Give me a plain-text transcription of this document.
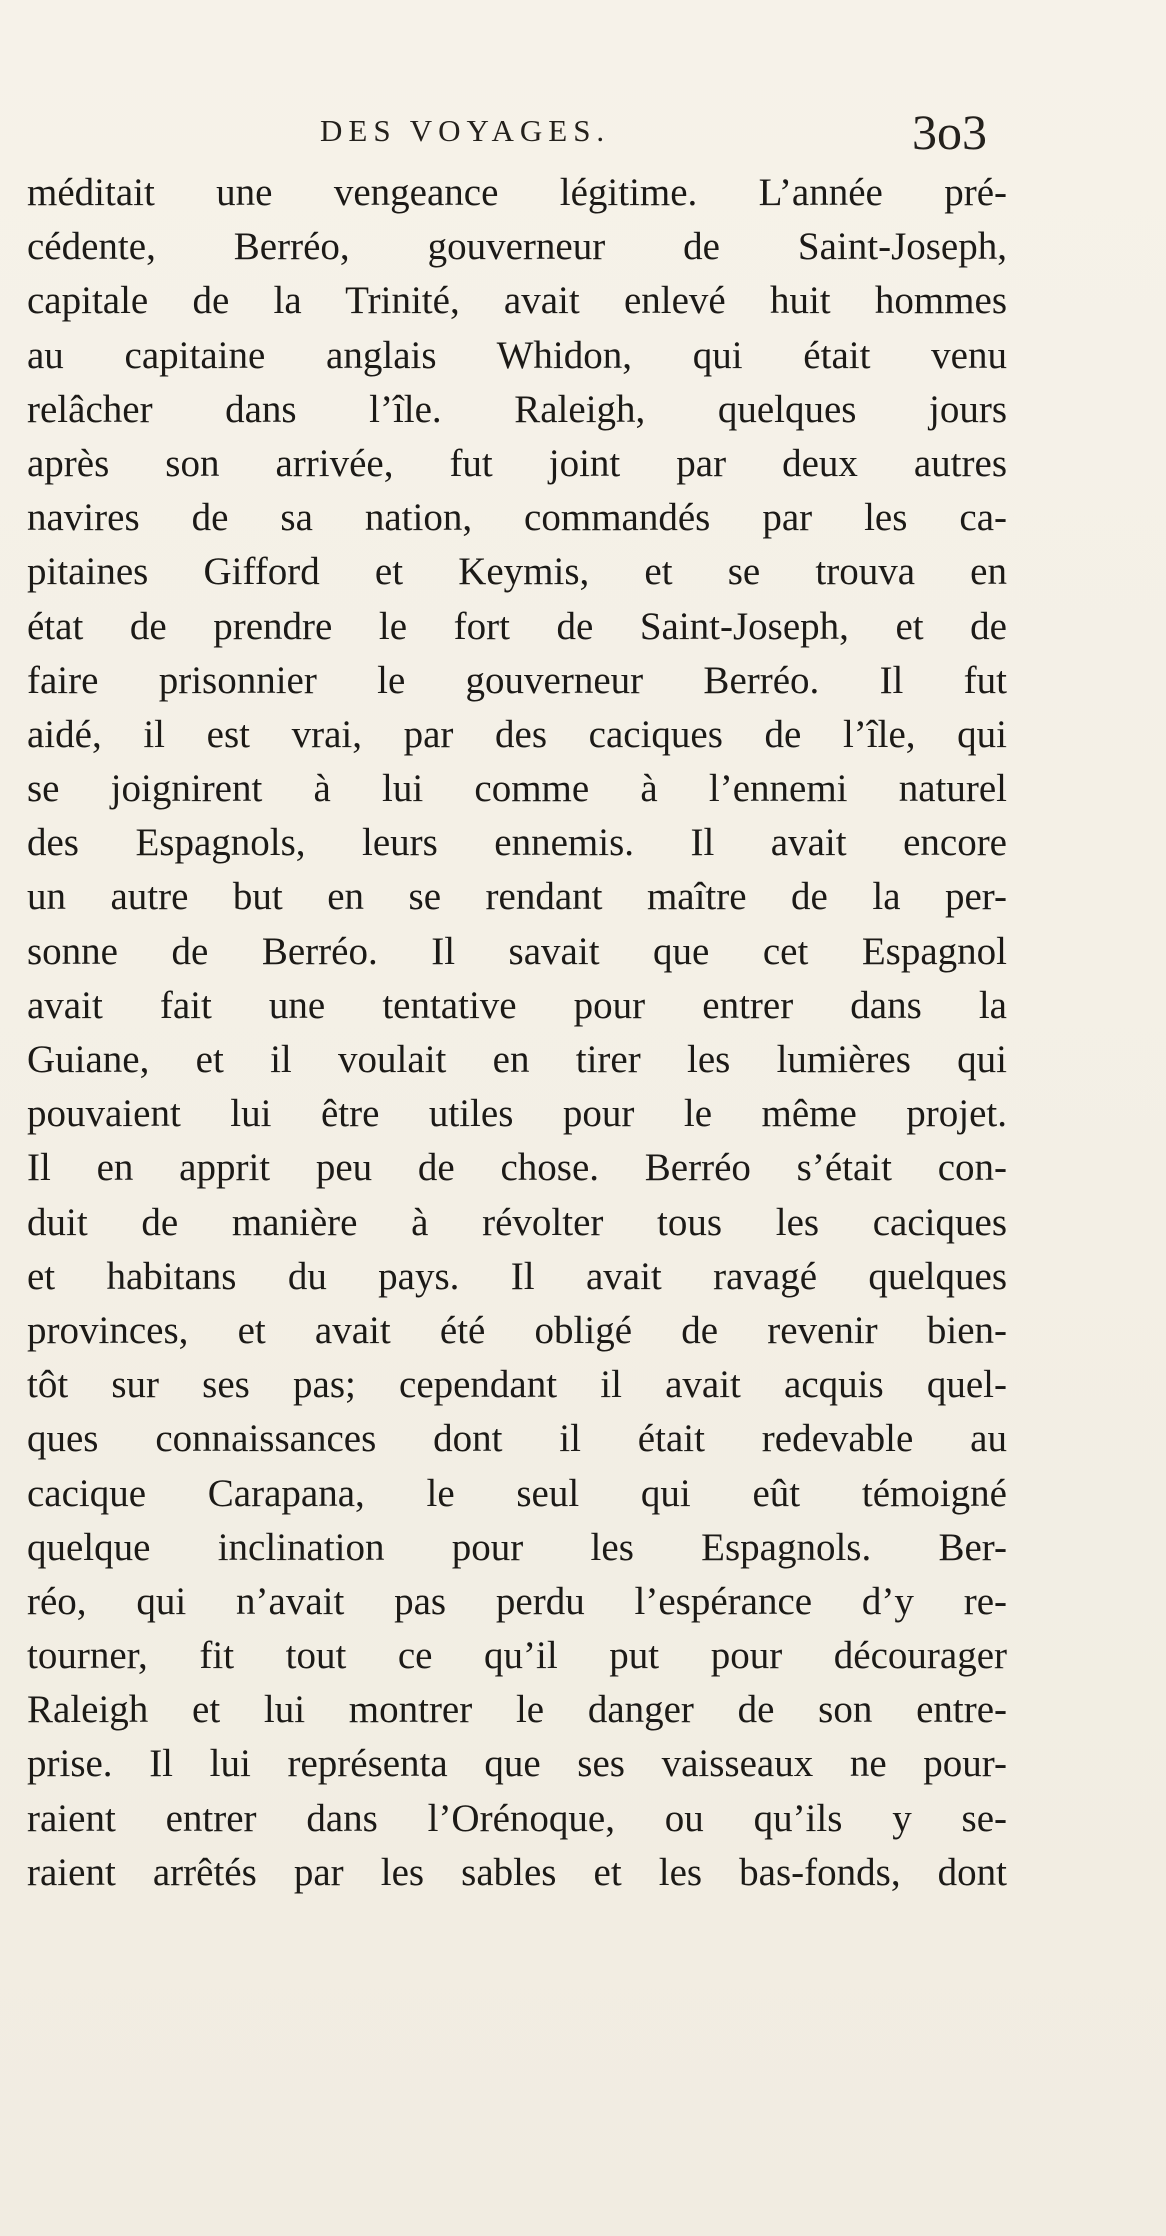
DES VOYAGES.	3o3
méditait une vengeance légitime. L’année pré-
cédente, Berréo, gouverneur de Saint-Joseph,
capitale de la Trinité, avait enlevé huit hommes
au capitaine anglais Whidon, qui était venu
relâcher dans l’île. Raleigh, quelques jours
après son arrivée, fut joint par deux autres
navires de sa nation, commandés par les ca-
pitaines Gifford et Keymis, et se trouva en
état de prendre le fort de Saint-Joseph, et de
faire prisonnier le gouverneur Berréo. Il fut
aidé, il est vrai, par des caciques de l’île, qui
se joignirent à lui comme à l’ennemi naturel
des Espagnols, leurs ennemis. Il avait encore
un autre but en se rendant maître de la per-
sonne de Berréo. Il savait que cet Espagnol
avait fait une tentative pour entrer dans la
Guiane, et il voulait en tirer les lumières qui
pouvaient lui être utiles pour le même projet.
Il en apprit peu de chose. Berréo s’était con-
duit de manière à révolter tous les caciques
et habitans du pays. Il avait ravagé quelques
provinces, et avait été obligé de revenir bien-
tôt sur ses pas; cependant il avait acquis quel-
ques connaissances dont il était redevable au
cacique Carapana, le seul qui eût témoigné
quelque inclination pour les Espagnols. Ber-
réo, qui n’avait pas perdu l’espérance d’y re-
tourner, fit tout ce qu’il put pour décourager
Raleigh et lui montrer le danger de son entre-
prise. Il lui représenta que ses vaisseaux ne pour-
raient entrer dans l’Orénoque, ou qu’ils y se-
raient arrêtés par les sables et les bas-fonds, dont
